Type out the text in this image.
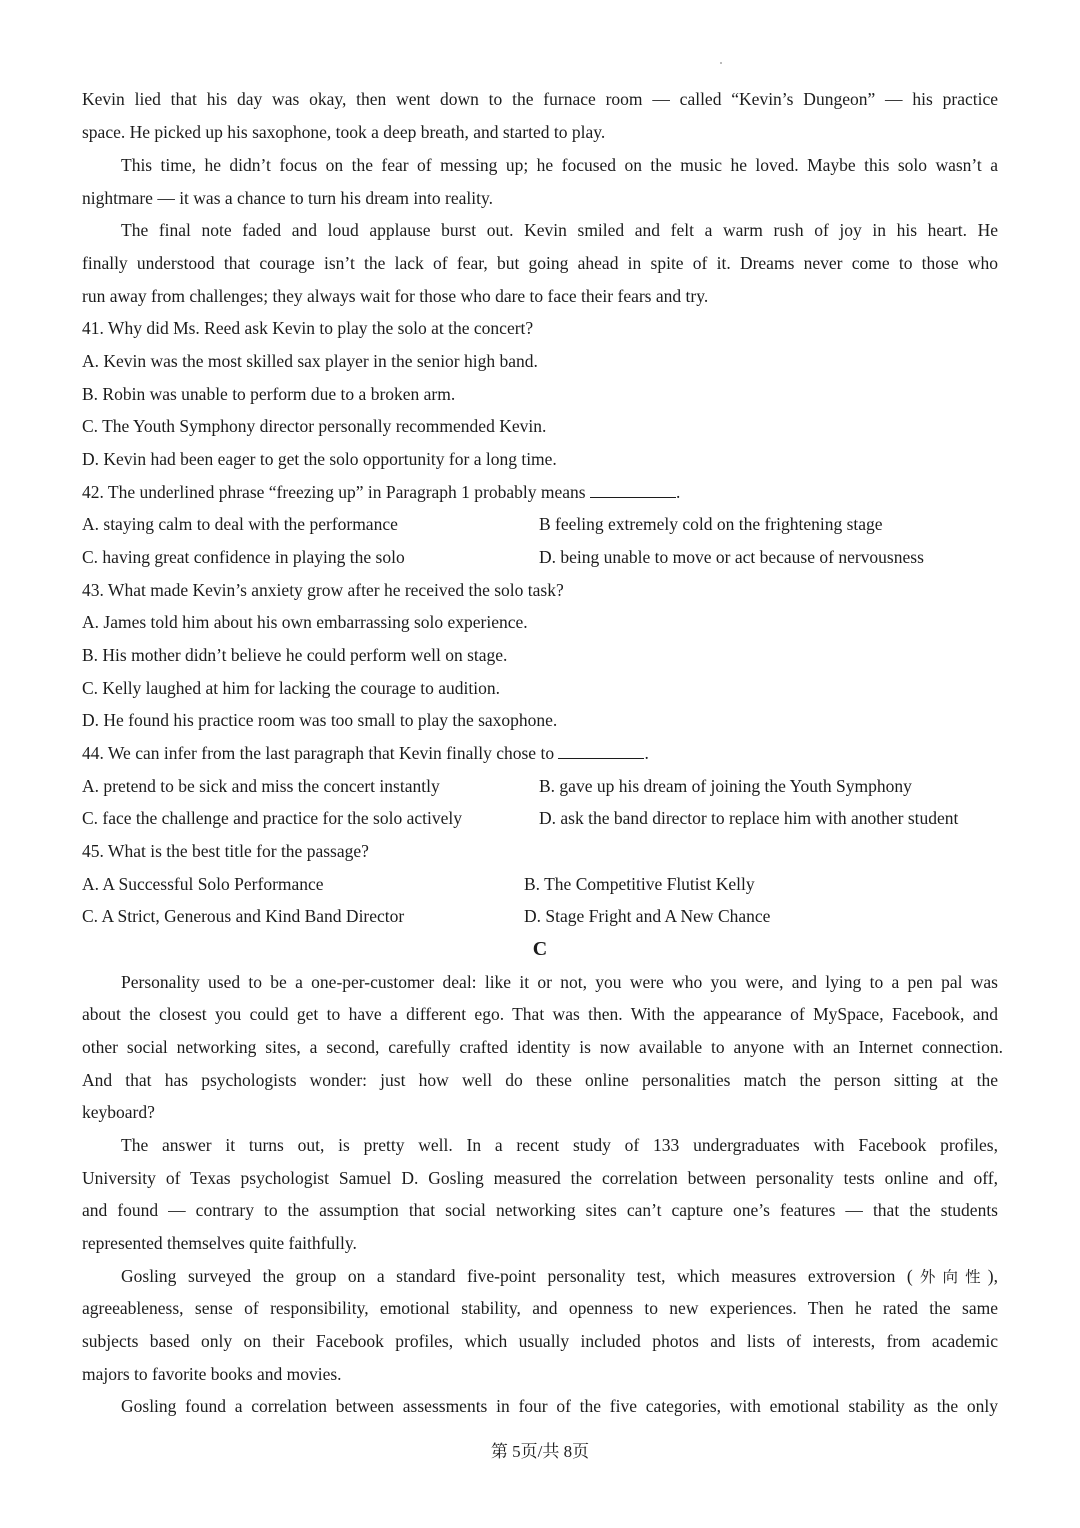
Kevin lied that his day was okay, then went down to the furnace room — called “Kevin’s Dungeon” — his practice
space. He picked up his saxophone, took a deep breath, and started to play.
This time, he didn’t focus on the fear of messing up; he focused on the music he loved. Maybe this solo wasn’t a
nightmare — it was a chance to turn his dream into reality.
The final note faded and loud applause burst out. Kevin smiled and felt a warm rush of joy in his heart. He
finally understood that courage isn’t the lack of fear, but going ahead in spite of it. Dreams never come to those who
run away from challenges; they always wait for those who dare to face their fears and try.
41. Why did Ms. Reed ask Kevin to play the solo at the concert?
A. Kevin was the most skilled sax player in the senior high band.
B. Robin was unable to perform due to a broken arm.
C. The Youth Symphony director personally recommended Kevin.
D. Kevin had been eager to get the solo opportunity for a long time.
42. The underlined phrase “freezing up” in Paragraph 1 probably means	.
A. staying calm to deal with the performance	B feeling extremely cold on the frightening stage
C. having great confidence in playing the solo	D. being unable to move or act because of nervousness
43. What made Kevin’s anxiety grow after he received the solo task?
A. James told him about his own embarrassing solo experience.
B. His mother didn’t believe he could perform well on stage.
C. Kelly laughed at him for lacking the courage to audition.
D. He found his practice room was too small to play the saxophone.
44. We can infer from the last paragraph that Kevin finally chose to	.
A. pretend to be sick and miss the concert instantly	B. gave up his dream of joining the Youth Symphony
C. face the challenge and practice for the solo actively	D. ask the band director to replace him with another student
45. What is the best title for the passage?
A. A Successful Solo Performance	B. The Competitive Flutist Kelly
C. A Strict, Generous and Kind Band Director	D. Stage Fright and A New Chance
C
Personality used to be a one-per-customer deal: like it or not, you were who you were, and lying to a pen pal was
about the closest you could get to have a different ego. That was then. With the appearance of MySpace, Facebook, and
other social networking sites, a second, carefully crafted identity is now available to anyone with an Internet connection.
And that has psychologists wonder: just how well do these online personalities match the person sitting at the
keyboard?
The answer it turns out, is pretty well. In a recent study of 133 undergraduates with Facebook profiles,
University of Texas psychologist Samuel D. Gosling measured the correlation between personality tests online and off,
and found — contrary to the assumption that social networking sites can’t capture one’s features — that the students
represented themselves quite faithfully.
Gosling surveyed the group on a standard five-point personality test, which measures extroversion (外向性),
agreeableness, sense of responsibility, emotional stability, and openness to new experiences. Then he rated the same
subjects based only on their Facebook profiles, which usually included photos and lists of interests, from academic
majors to favorite books and movies.
Gosling found a correlation between assessments in four of the five categories, with emotional stability as the only
第 5页/共 8页
